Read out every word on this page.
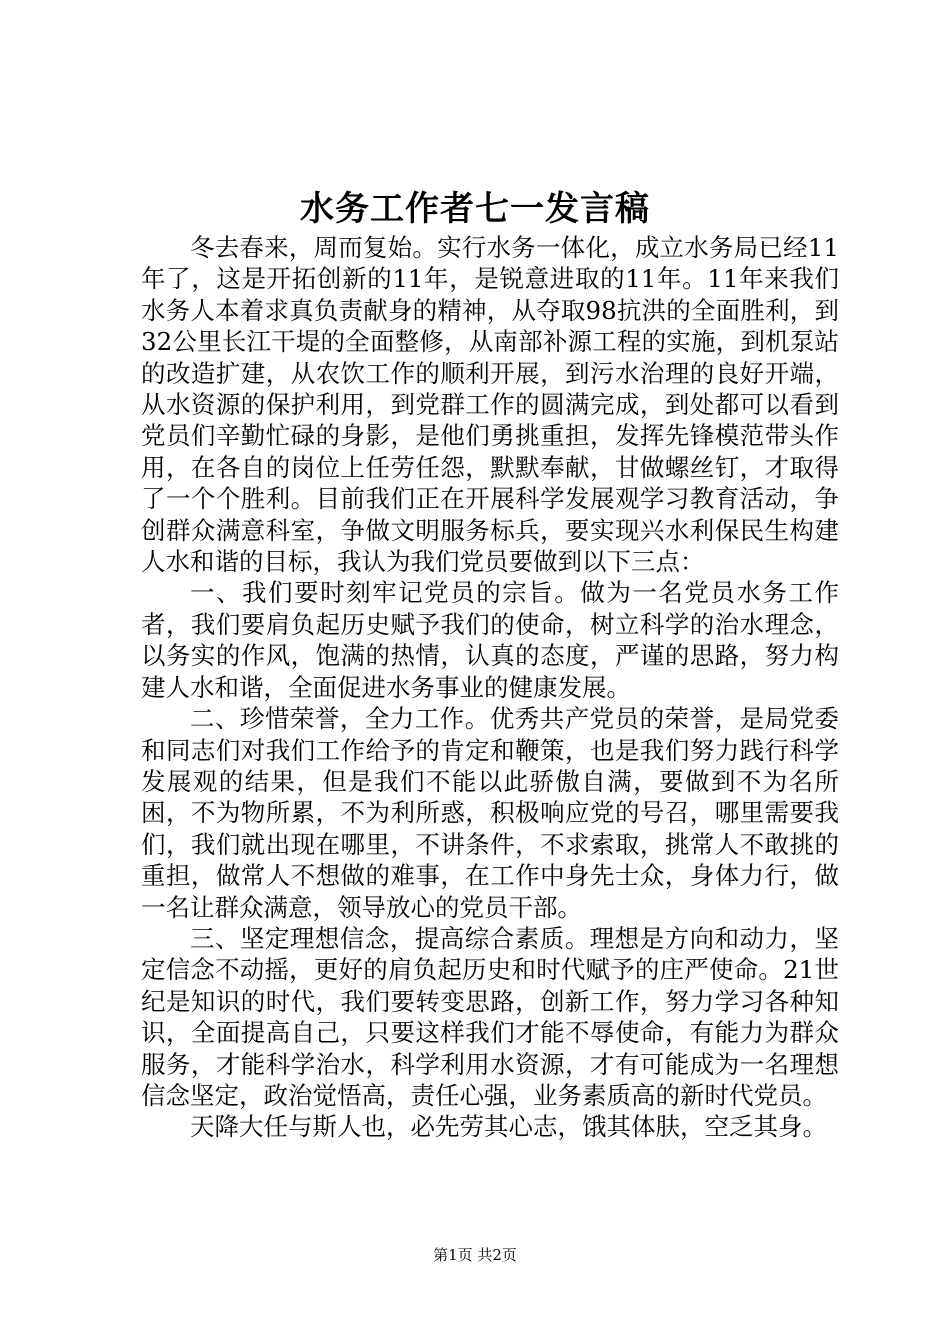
水务工作者七一发言稿

冬去春来，周而复始。实行水务一体化，成立水务局已经11年了，这是开拓创新的11年，是锐意进取的11年。11年来我们水务人本着求真负责献身的精神，从夺取98抗洪的全面胜利，到32公里长江干堤的全面整修，从南部补源工程的实施，到机泵站的改造扩建，从农饮工作的顺利开展，到污水治理的良好开端，从水资源的保护利用，到党群工作的圆满完成，到处都可以看到党员们辛勤忙碌的身影，是他们勇挑重担，发挥先锋模范带头作用，在各自的岗位上任劳任怨，默默奉献，甘做螺丝钉，才取得了一个个胜利。目前我们正在开展科学发展观学习教育活动，争创群众满意科室，争做文明服务标兵，要实现兴水利保民生构建人水和谐的目标，我认为我们党员要做到以下三点：

一、我们要时刻牢记党员的宗旨。做为一名党员水务工作者，我们要肩负起历史赋予我们的使命，树立科学的治水理念，以务实的作风，饱满的热情，认真的态度，严谨的思路，努力构建人水和谐，全面促进水务事业的健康发展。

二、珍惜荣誉，全力工作。优秀共产党员的荣誉，是局党委和同志们对我们工作给予的肯定和鞭策，也是我们努力践行科学发展观的结果，但是我们不能以此骄傲自满，要做到不为名所困，不为物所累，不为利所惑，积极响应党的号召，哪里需要我们，我们就出现在哪里，不讲条件，不求索取，挑常人不敢挑的重担，做常人不想做的难事，在工作中身先士众，身体力行，做一名让群众满意，领导放心的党员干部。

三、坚定理想信念，提高综合素质。理想是方向和动力，坚定信念不动摇，更好的肩负起历史和时代赋予的庄严使命。21世纪是知识的时代，我们要转变思路，创新工作，努力学习各种知识，全面提高自己，只要这样我们才能不辱使命，有能力为群众服务，才能科学治水，科学利用水资源，才有可能成为一名理想信念坚定，政治觉悟高，责任心强，业务素质高的新时代党员。

天降大任与斯人也，必先劳其心志，饿其体肤，空乏其身。

第1页 共2页
